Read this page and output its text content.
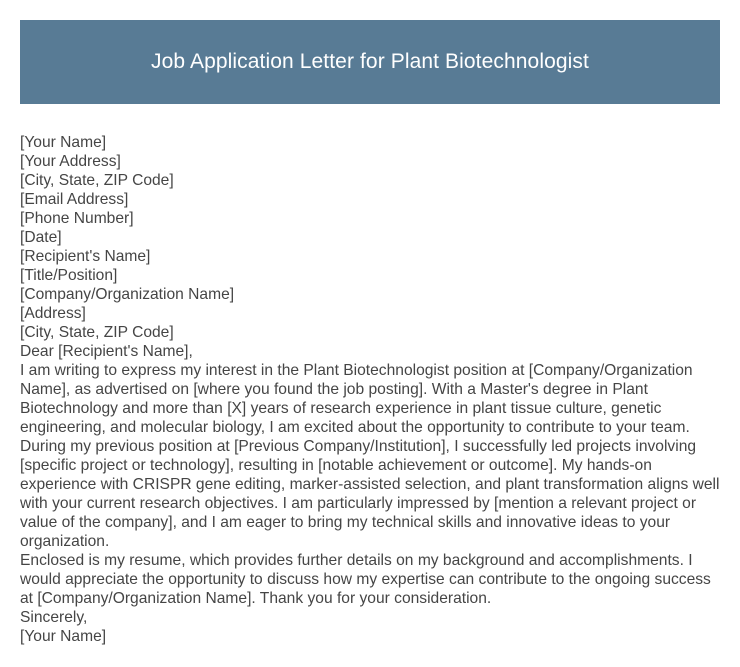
Job Application Letter for Plant Biotechnologist
[Your Name]
[Your Address]
[City, State, ZIP Code]
[Email Address]
[Phone Number]
[Date]
[Recipient's Name]
[Title/Position]
[Company/Organization Name]
[Address]
[City, State, ZIP Code]
Dear [Recipient's Name],
I am writing to express my interest in the Plant Biotechnologist position at [Company/Organization Name], as advertised on [where you found the job posting]. With a Master's degree in Plant Biotechnology and more than [X] years of research experience in plant tissue culture, genetic engineering, and molecular biology, I am excited about the opportunity to contribute to your team. During my previous position at [Previous Company/Institution], I successfully led projects involving [specific project or technology], resulting in [notable achievement or outcome]. My hands-on experience with CRISPR gene editing, marker-assisted selection, and plant transformation aligns well with your current research objectives. I am particularly impressed by [mention a relevant project or value of the company], and I am eager to bring my technical skills and innovative ideas to your organization.
Enclosed is my resume, which provides further details on my background and accomplishments. I would appreciate the opportunity to discuss how my expertise can contribute to the ongoing success at [Company/Organization Name]. Thank you for your consideration.
Sincerely,
[Your Name]
